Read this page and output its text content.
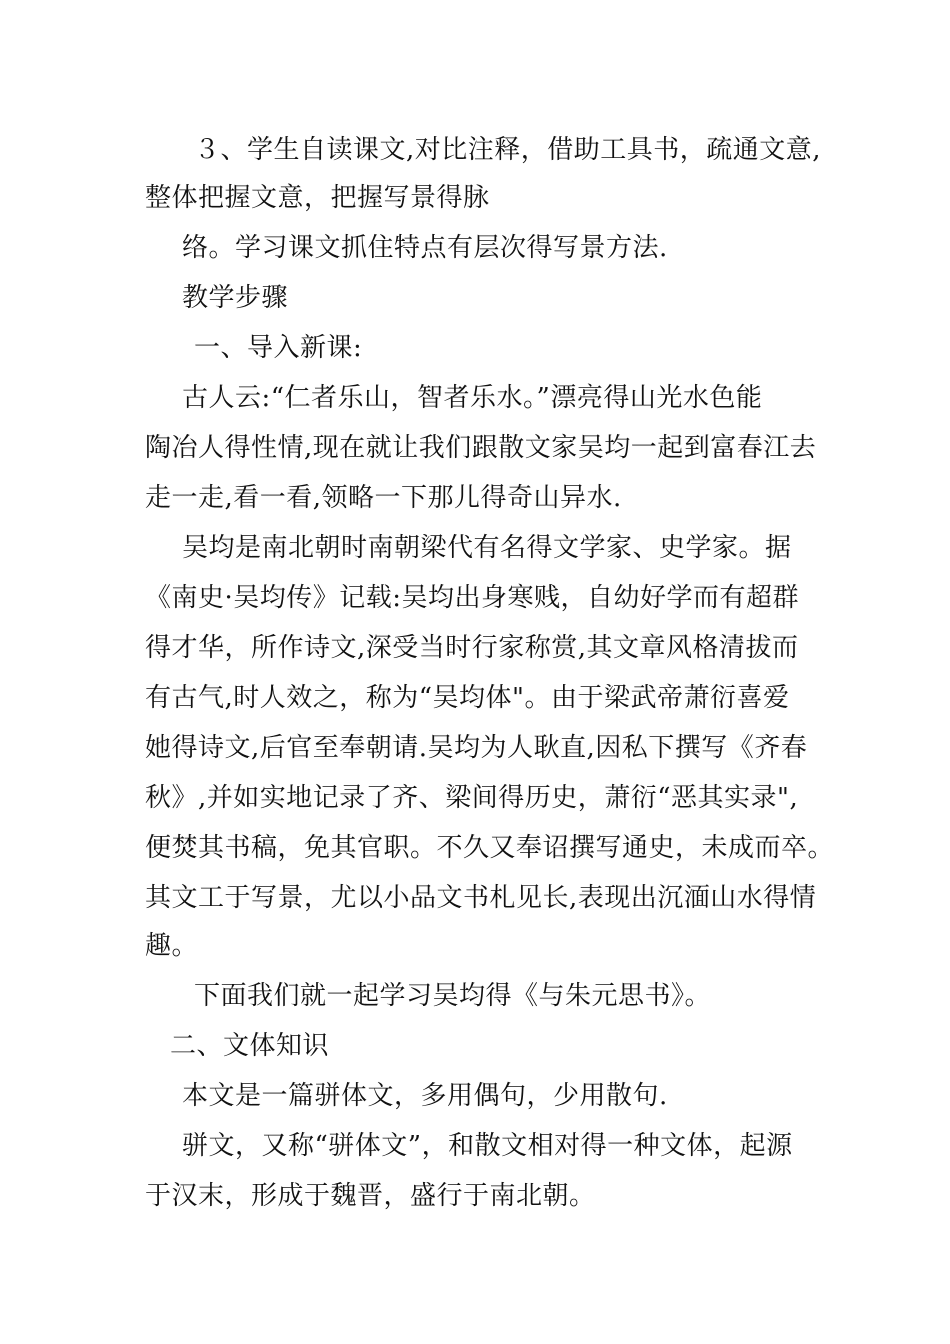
３、学生自读课文,对比注释，借助工具书，疏通文意,
整体把握文意，把握写景得脉
络。学习课文抓住特点有层次得写景方法.
教学步骤
一、导入新课:
古人云:“仁者乐山，智者乐水。”漂亮得山光水色能
陶冶人得性情,现在就让我们跟散文家吴均一起到富春江去
走一走,看一看,领略一下那儿得奇山异水.
吴均是南北朝时南朝梁代有名得文学家、史学家。据
《南史·吴均传》记载:吴均出身寒贱，自幼好学而有超群
得才华，所作诗文,深受当时行家称赏,其文章风格清拔而
有古气,时人效之，称为“吴均体"。由于梁武帝萧衍喜爱
她得诗文,后官至奉朝请.吴均为人耿直,因私下撰写《齐春
秋》,并如实地记录了齐、梁间得历史，萧衍“恶其实录",
便焚其书稿，免其官职。不久又奉诏撰写通史，未成而卒。
其文工于写景，尤以小品文书札见长,表现出沉湎山水得情
趣。
下面我们就一起学习吴均得《与朱元思书》。
二、文体知识
本文是一篇骈体文，多用偶句，少用散句.
骈文，又称“骈体文”，和散文相对得一种文体，起源
于汉末，形成于魏晋，盛行于南北朝。
